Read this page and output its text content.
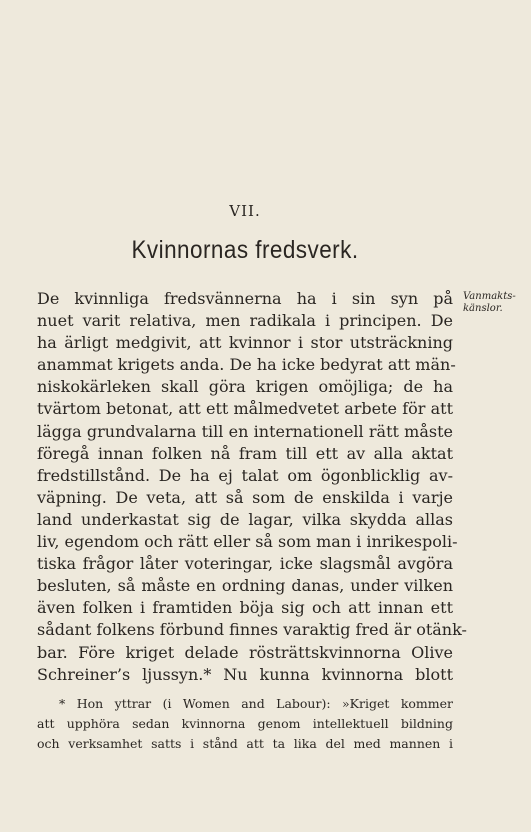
VII.
Kvinnornas fredsverk.
Vanmakts-
känslor.
De kvinnliga fredsvännerna ha i sin syn på
nuet varit relativa, men radikala i principen. De
ha ärligt medgivit, att kvinnor i stor utsträckning
anammat krigets anda. De ha icke bedyrat att män-
niskokärleken skall göra krigen omöjliga; de ha
tvärtom betonat, att ett målmedvetet arbete för att
lägga grundvalarna till en internationell rätt måste
föregå innan folken nå fram till ett av alla aktat
fredstillstånd. De ha ej talat om ögonblicklig av-
väpning. De veta, att så som de enskilda i varje
land underkastat sig de lagar, vilka skydda allas
liv, egendom och rätt eller så som man i inrikespoli-
tiska frågor låter voteringar, icke slagsmål avgöra
besluten, så måste en ordning danas, under vilken
även folken i framtiden böja sig och att innan ett
sådant folkens förbund finnes varaktig fred är otänk-
bar. Före kriget delade rösträttskvinnorna Olive
Schreiner’s ljussyn.* Nu kunna kvinnorna blott
* Hon yttrar (i Women and Labour): »Kriget kommer
att upphöra sedan kvinnorna genom intellektuell bildning
och verksamhet satts i stånd att ta lika del med mannen i
